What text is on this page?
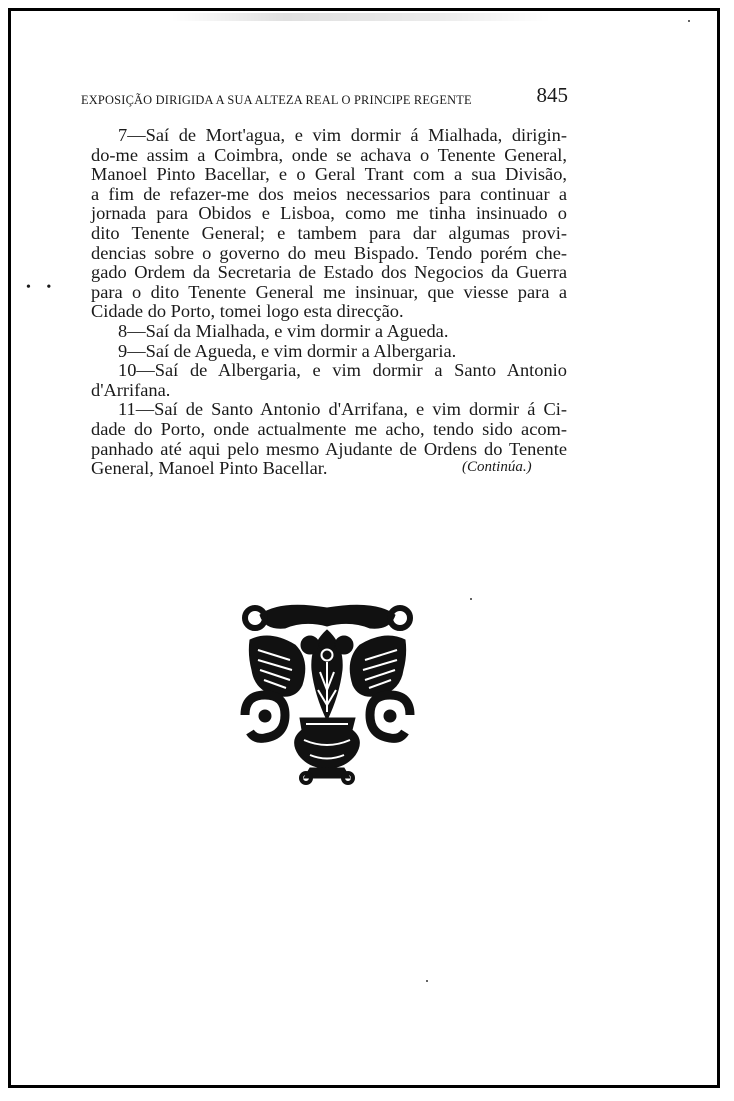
EXPOSIÇÃO DIRIGIDA A SUA ALTEZA REAL O PRINCIPE REGENTE	845
• •

7—Saí de Mort'agua, e vim dormir á Mialhada, dirigin-
do-me assim a Coimbra, onde se achava o Tenente General,
Manoel Pinto Bacellar, e o Geral Trant com a sua Divisão,
a fim de refazer-me dos meios necessarios para continuar a
jornada para Obidos e Lisboa, como me tinha insinuado o
dito Tenente General; e tambem para dar algumas provi-
dencias sobre o governo do meu Bispado. Tendo porém che-
gado Ordem da Secretaria de Estado dos Negocios da Guerra
para o dito Tenente General me insinuar, que viesse para a
Cidade do Porto, tomei logo esta direcção.

8—Saí da Mialhada, e vim dormir a Agueda.

9—Saí de Agueda, e vim dormir a Albergaria.

10—Saí de Albergaria, e vim dormir a Santo Antonio
d'Arrifana.

11—Saí de Santo Antonio d'Arrifana, e vim dormir á Ci-
dade do Porto, onde actualmente me acho, tendo sido acom-
panhado até aqui pelo mesmo Ajudante de Ordens do Tenente
General, Manoel Pinto Bacellar.	(Continúa.)
